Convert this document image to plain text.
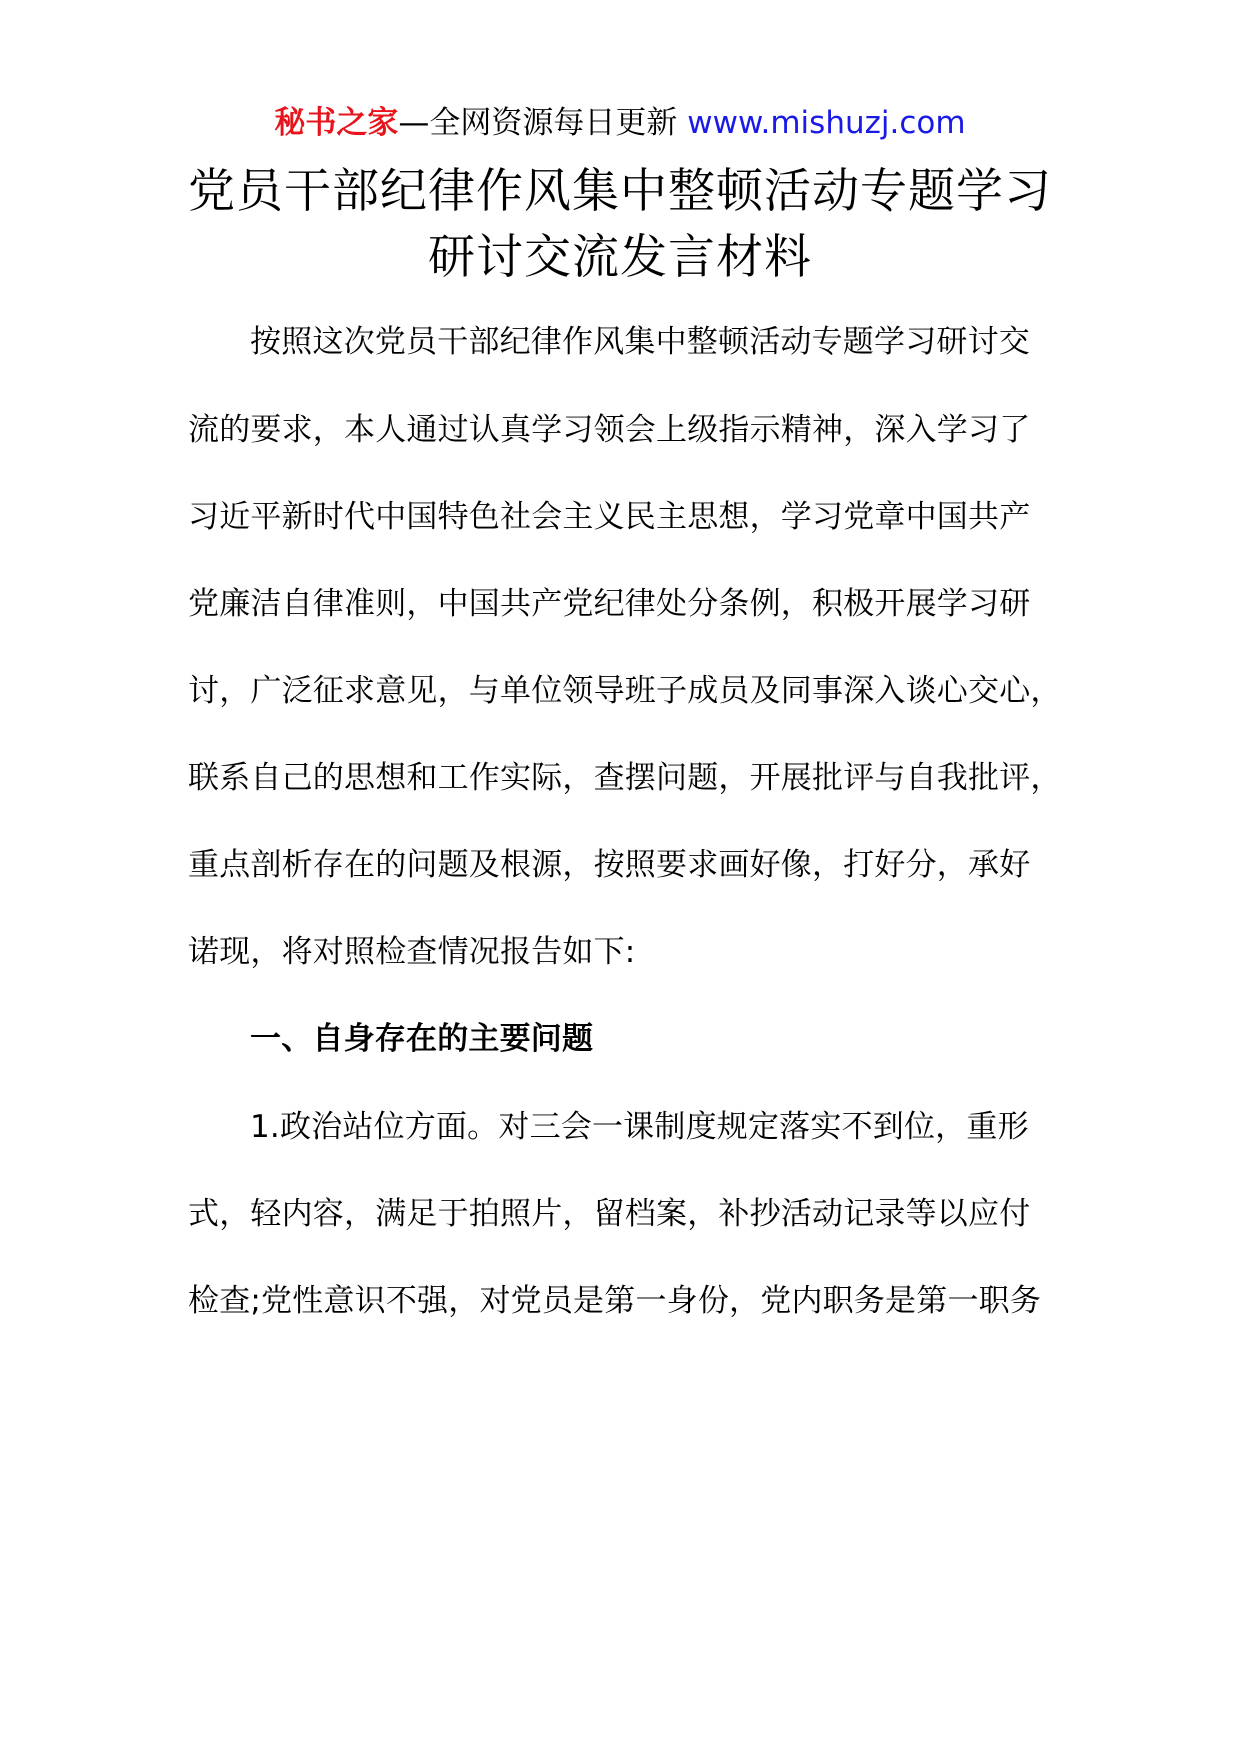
秘书之家—全网资源每日更新 www.mishuzj.com
党员干部纪律作风集中整顿活动专题学习
研讨交流发言材料
按照这次党员干部纪律作风集中整顿活动专题学习研讨交
流的要求，本人通过认真学习领会上级指示精神，深入学习了
习近平新时代中国特色社会主义民主思想，学习党章中国共产
党廉洁自律准则，中国共产党纪律处分条例，积极开展学习研
讨，广泛征求意见，与单位领导班子成员及同事深入谈心交心，
联系自己的思想和工作实际，查摆问题，开展批评与自我批评，
重点剖析存在的问题及根源，按照要求画好像，打好分，承好
诺现，将对照检查情况报告如下:
一、自身存在的主要问题
1.政治站位方面。对三会一课制度规定落实不到位，重形
式，轻内容，满足于拍照片，留档案，补抄活动记录等以应付
检查;党性意识不强，对党员是第一身份，党内职务是第一职务
